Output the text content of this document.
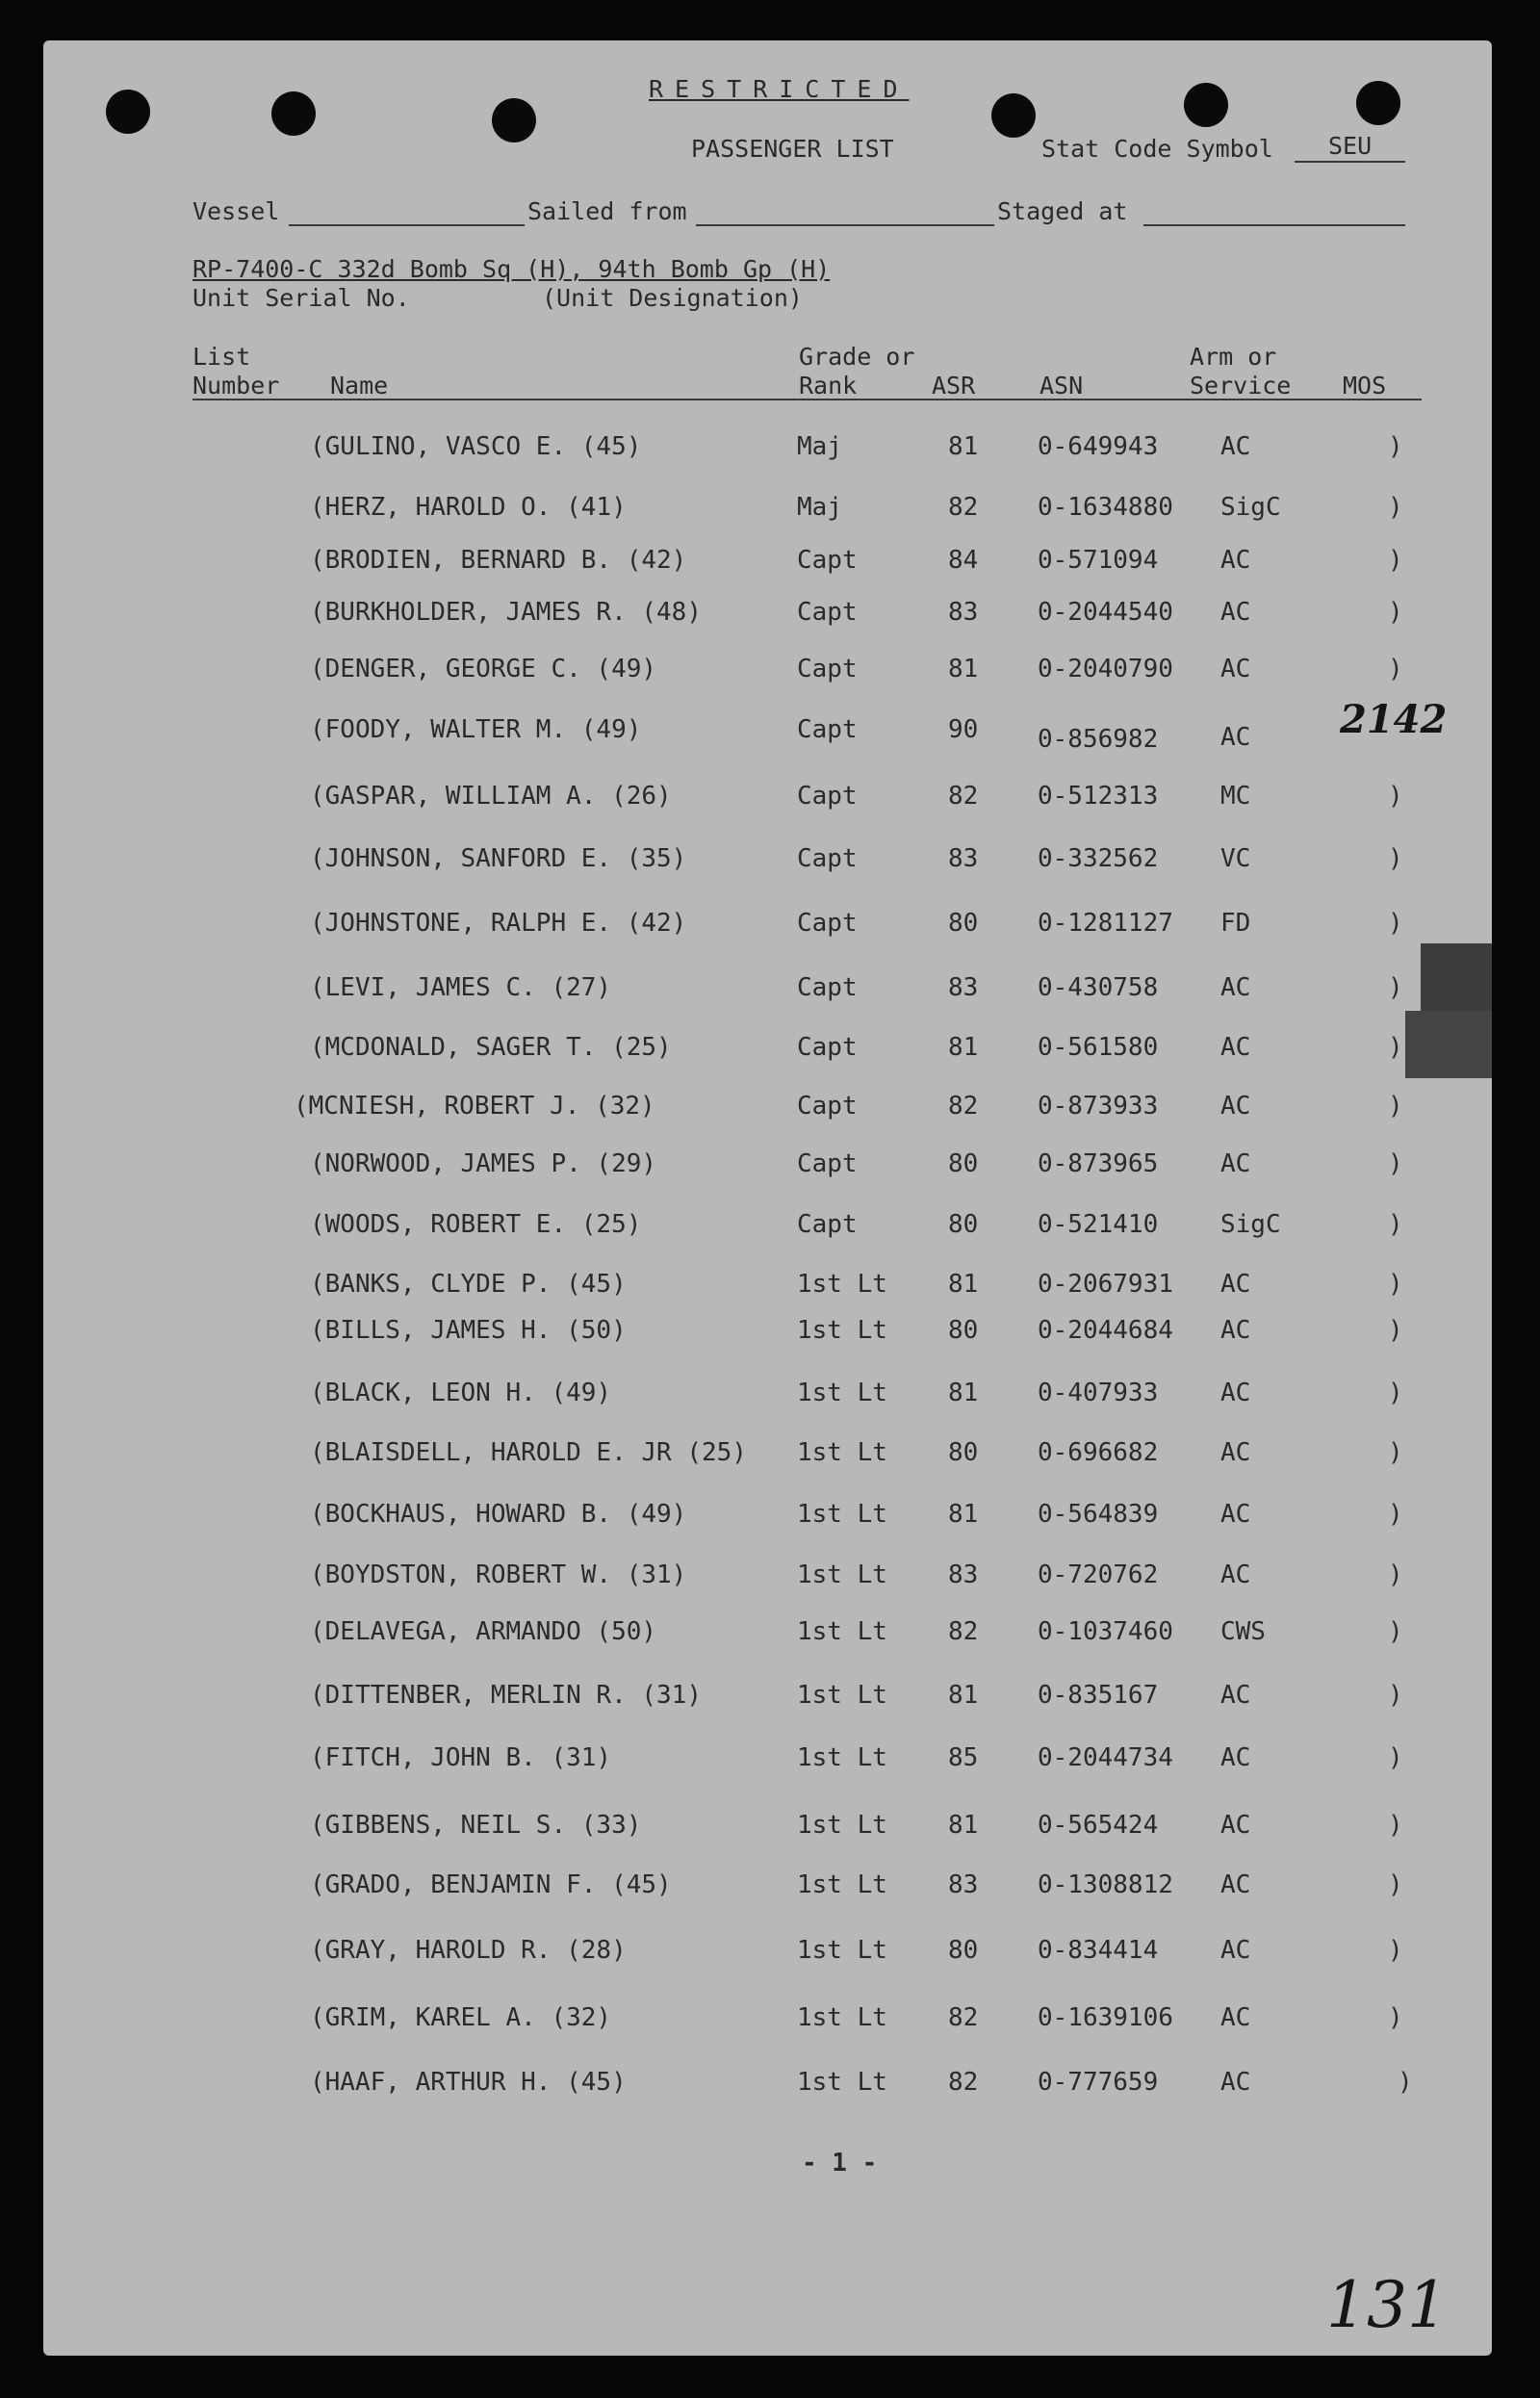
RESTRICTED
PASSENGER LIST	Stat Code Symbol SEU
Vessel	Sailed from	Staged at
RP-7400-C 332d Bomb Sq (H), 94th Bomb Gp (H)
Unit Serial No.	(Unit Designation)
List
Number Name
Grade or
Rank	ASR	ASN
Arm or
Service MOS
(GULINO, VASCO E. (45)	Maj	81 0-649943 AC	)
(HERZ, HAROLD O. (41)	Maj	82 0-1634880 SigC	)
(BRODIEN, BERNARD B. (42)	Capt	84 0-571094 AC	)
(BURKHOLDER, JAMES R. (48)	Capt	83 0-2044540 AC	)
(DENGER, GEORGE C. (49)	Capt	81 0-2040790 AC	)
(FOODY, WALTER M. (49)	Capt	90 0-856982 AC 2142
(GASPAR, WILLIAM A. (26)	Capt	82 0-512313 MC	)
(JOHNSON, SANFORD E. (35)	Capt	83 0-332562 VC	)
(JOHNSTONE, RALPH E. (42)	Capt	80 0-1281127 FD	)
(LEVI, JAMES C. (27)	Capt	83 0-430758 AC	)
(MCDONALD, SAGER T. (25)	Capt	81 0-561580 AC	)
(MCNIESH, ROBERT J. (32)	Capt	82 0-873933 AC	)
(NORWOOD, JAMES P. (29)	Capt	80 0-873965 AC	)
(WOODS, ROBERT E. (25)	Capt	80 0-521410 SigC	)
(BANKS, CLYDE P. (45)	1st Lt 81 0-2067931 AC	)
(BILLS, JAMES H. (50)	1st Lt 80 0-2044684 AC	)
(BLACK, LEON H. (49)	1st Lt 81 0-407933 AC	)
(BLAISDELL, HAROLD E. JR (25) 1st Lt 80 0-696682 AC	)
(BOCKHAUS, HOWARD B. (49)	1st Lt 81 0-564839 AC	)
(BOYDSTON, ROBERT W. (31)	1st Lt 83 0-720762 AC	)
(DELAVEGA, ARMANDO (50)	1st Lt 82 0-1037460 CWS	)
(DITTENBER, MERLIN R. (31)	1st Lt 81 0-835167 AC	)
(FITCH, JOHN B. (31)	1st Lt 85 0-2044734 AC	)
(GIBBENS, NEIL S. (33)	1st Lt 81 0-565424 AC	)
(GRADO, BENJAMIN F. (45)	1st Lt 83 0-1308812 AC	)
(GRAY, HAROLD R. (28)	1st Lt 80 0-834414 AC	)
(GRIM, KAREL A. (32)	1st Lt 82 0-1639106 AC	)
(HAAF, ARTHUR H. (45)	1st Lt 82 0-777659 AC	)
- 1 -
131
